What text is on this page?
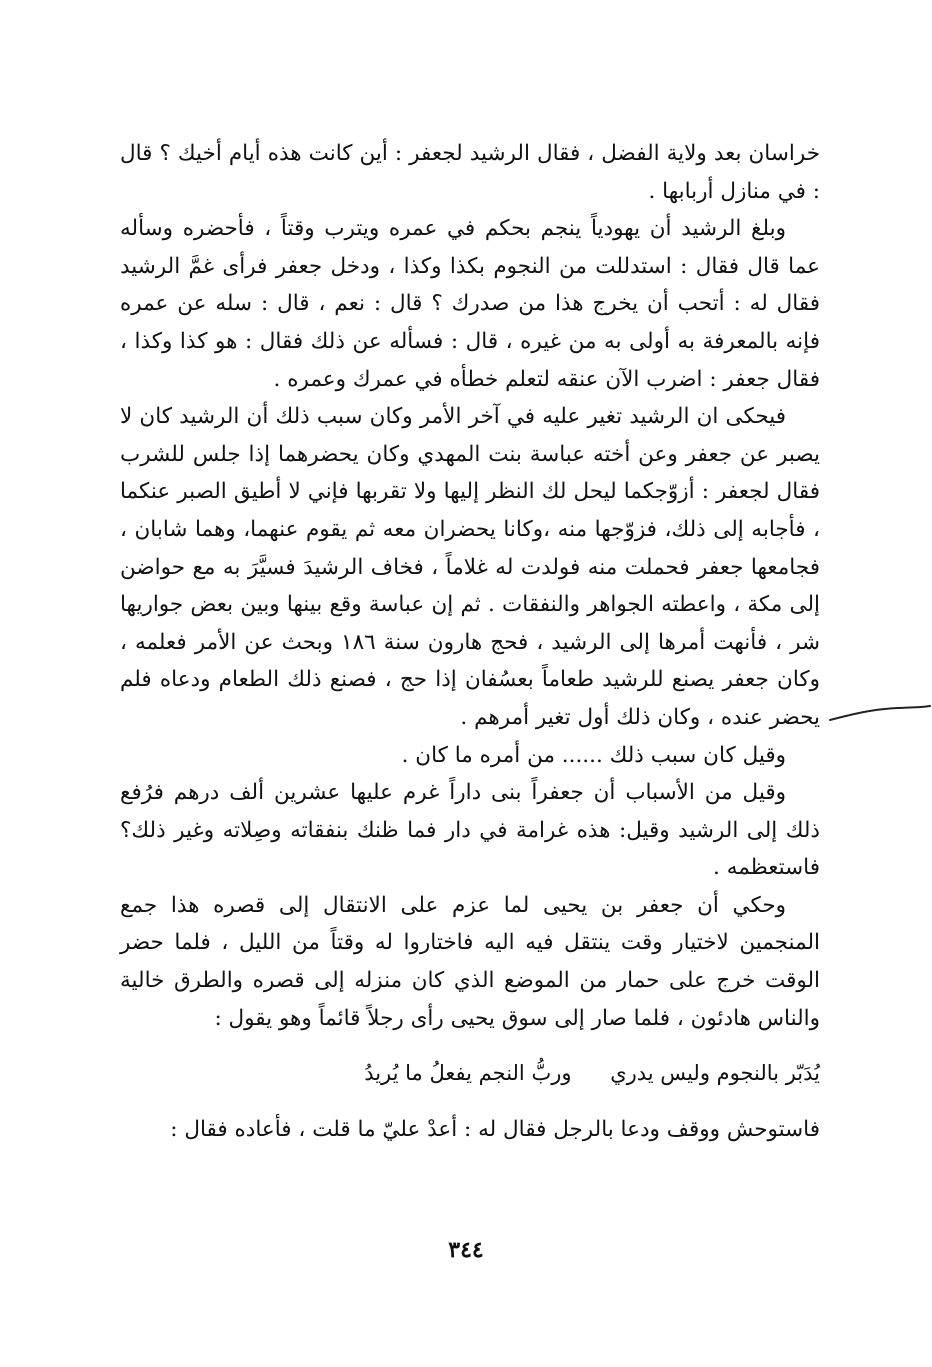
خراسان بعد ولاية الفضل ، فقال الرشيد لجعفر : أين كانت هذه أيام أخيك ؟ قال : في منازل أربابها .

وبلغ الرشيد أن يهودياً ينجم بحكم في عمره ويترب وقتاً ، فأحضره وسأله عما قال فقال : استدللت من النجوم بكذا وكذا ، ودخل جعفر فرأى غمَّ الرشيد فقال له : أتحب أن يخرج هذا من صدرك ؟ قال : نعم ، قال : سله عن عمره فإنه بالمعرفة به أولى به من غيره ، قال : فسأله عن ذلك فقال : هو كذا وكذا ، فقال جعفر : اضرب الآن عنقه لتعلم خطأه في عمرك وعمره .

فيحكى ان الرشيد تغير عليه في آخر الأمر وكان سبب ذلك أن الرشيد كان لا يصبر عن جعفر وعن أخته عباسة بنت المهدي وكان يحضرهما إذا جلس للشرب فقال لجعفر : أزوّجكما ليحل لك النظر إليها ولا تقربها فإني لا أطيق الصبر عنكما ، فأجابه إلى ذلك، فزوّجها منه ،وكانا يحضران معه ثم يقوم عنهما، وهما شابان ، فجامعها جعفر فحملت منه فولدت له غلاماً ، فخاف الرشيدَ فسيَّرَ به مع حواضن إلى مكة ، واعطته الجواهر والنفقات . ثم إن عباسة وقع بينها وبين بعض جواريها شر ، فأنهت أمرها إلى الرشيد ، فحج هارون سنة ١٨٦ وبحث عن الأمر فعلمه ، وكان جعفر يصنع للرشيد طعاماً بعسُفان إذا حج ، فصنع ذلك الطعام ودعاه فلم يحضر عنده ، وكان ذلك أول تغير أمرهم .

وقيل كان سبب ذلك ...... من أمره ما كان .

وقيل من الأسباب أن جعفراً بنى داراً غرم عليها عشرين ألف درهم فرُفع ذلك إلى الرشيد وقيل: هذه غرامة في دار فما ظنك بنفقاته وصِلاته وغير ذلك؟ فاستعظمه .

وحكي أن جعفر بن يحيى لما عزم على الانتقال إلى قصره هذا جمع المنجمين لاختيار وقت ينتقل فيه اليه فاختاروا له وقتاً من الليل ، فلما حضر الوقت خرج على حمار من الموضع الذي كان منزله إلى قصره والطرق خالية والناس هادئون ، فلما صار إلى سوق يحيى رأى رجلاً قائماً وهو يقول :

يُدَبّر بالنجوم وليس يدري وربُّ النجم يفعلُ ما يُريدُ

فاستوحش ووقف ودعا بالرجل فقال له : أعدْ عليّ ما قلت ، فأعاده فقال :

٣٤٤
